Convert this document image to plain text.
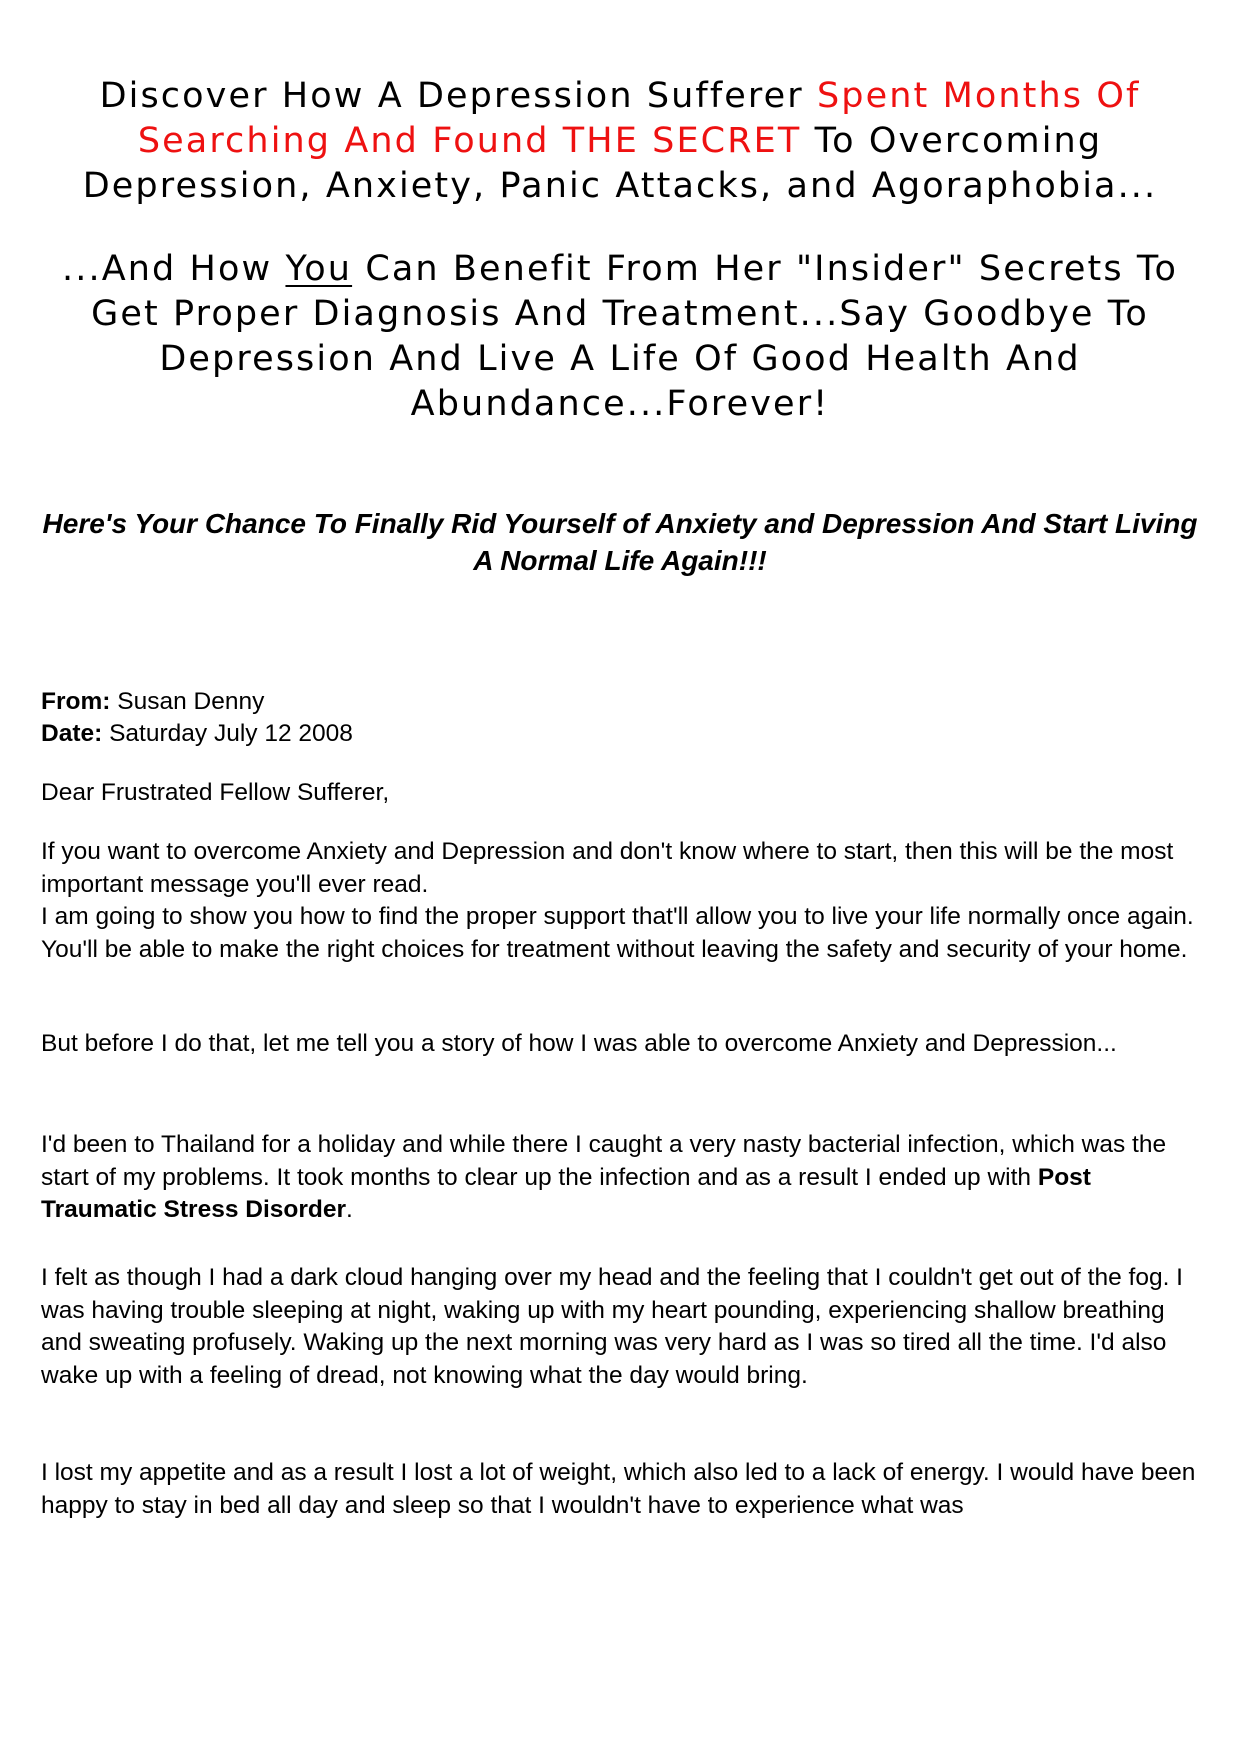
Discover How A Depression Sufferer Spent Months Of Searching And Found THE SECRET To Overcoming Depression, Anxiety, Panic Attacks, and Agoraphobia...
...And How You Can Benefit From Her "Insider" Secrets To Get Proper Diagnosis And Treatment...Say Goodbye To Depression And Live A Life Of Good Health And Abundance...Forever!

Here's Your Chance To Finally Rid Yourself of Anxiety and Depression And Start Living A Normal Life Again!!!

From: Susan Denny

Date: Saturday July 12 2008

Dear Frustrated Fellow Sufferer,

If you want to overcome Anxiety and Depression and don't know where to start, then this will be the most important message you'll ever read.
I am going to show you how to find the proper support that'll allow you to live your life normally once again. You'll be able to make the right choices for treatment without leaving the safety and security of your home.

But before I do that, let me tell you a story of how I was able to overcome Anxiety and Depression...

I'd been to Thailand for a holiday and while there I caught a very nasty bacterial infection, which was the start of my problems. It took months to clear up the infection and as a result I ended up with Post Traumatic Stress Disorder.

I felt as though I had a dark cloud hanging over my head and the feeling that I couldn't get out of the fog. I was having trouble sleeping at night, waking up with my heart pounding, experiencing shallow breathing and sweating profusely. Waking up the next morning was very hard as I was so tired all the time. I'd also wake up with a feeling of dread, not knowing what the day would bring.

I lost my appetite and as a result I lost a lot of weight, which also led to a lack of energy. I would have been happy to stay in bed all day and sleep so that I wouldn't have to experience what was
